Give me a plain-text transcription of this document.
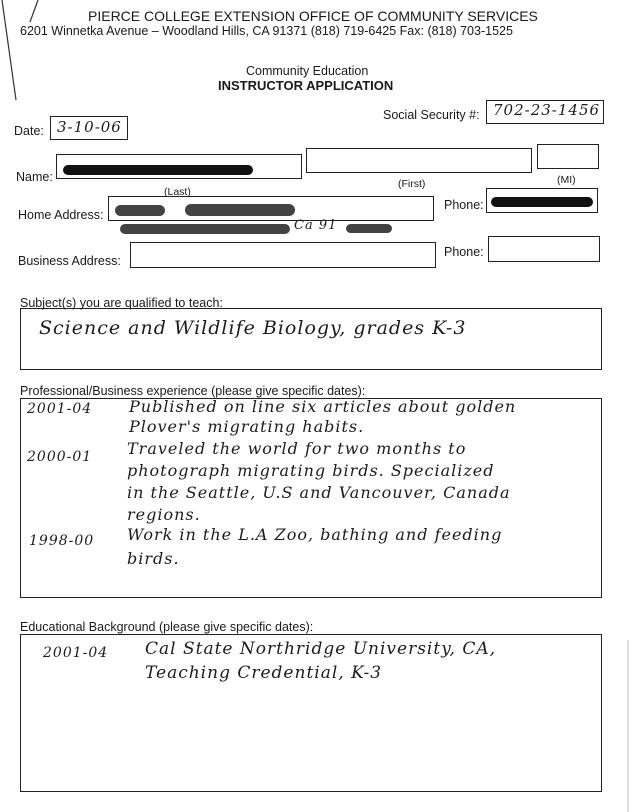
PIERCE COLLEGE EXTENSION OFFICE OF COMMUNITY SERVICES
6201 Winnetka Avenue – Woodland Hills, CA 91371 (818) 719-6425 Fax: (818) 703-1525
Community Education
INSTRUCTOR APPLICATION
Date: 3-10-06
Social Security #: 702-23-1456
Name:
(Last)
(First)	(MI)
Home Address:
Ca 91
Phone:
Business Address:
Phone:
Subject(s) you are qualified to teach:
Science and Wildlife Biology, grades K-3
Professional/Business experience (please give specific dates):
2001-04 Published on line six articles about golden
Plover's migrating habits.
2000-01 Traveled the world for two months to
photograph migrating birds. Specialized
in the Seattle, U.S and Vancouver, Canada
regions.
1998-00 Work in the L.A Zoo, bathing and feeding
birds.
Educational Background (please give specific dates):
2001-04 Cal State Northridge University, CA,
Teaching Credential, K-3
